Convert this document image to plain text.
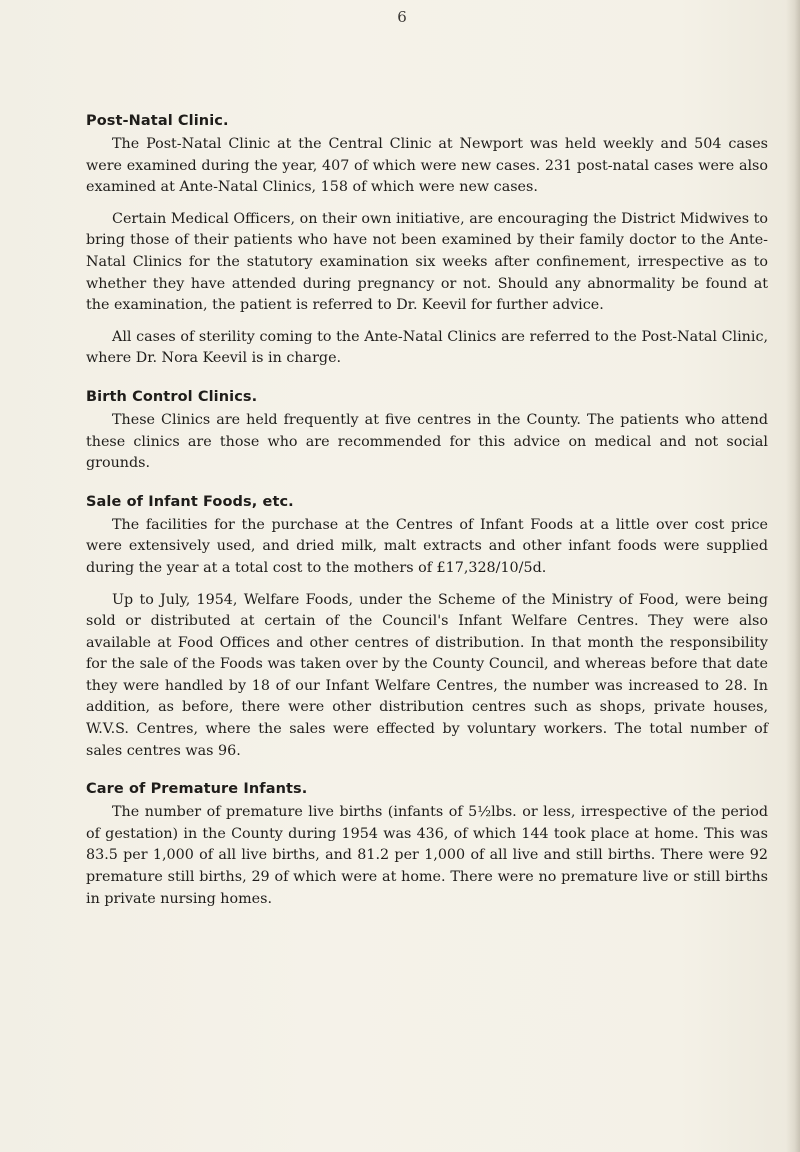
6
Post-Natal Clinic.

The Post-Natal Clinic at the Central Clinic at Newport was held weekly and 504 cases were examined during the year, 407 of which were new cases. 231 post-natal cases were also examined at Ante-Natal Clinics, 158 of which were new cases.

Certain Medical Officers, on their own initiative, are encouraging the District Midwives to bring those of their patients who have not been examined by their family doctor to the Ante-Natal Clinics for the statutory examination six weeks after confinement, irrespective as to whether they have attended during pregnancy or not. Should any abnormality be found at the examination, the patient is referred to Dr. Keevil for further advice.

All cases of sterility coming to the Ante-Natal Clinics are referred to the Post-Natal Clinic, where Dr. Nora Keevil is in charge.

Birth Control Clinics.

These Clinics are held frequently at five centres in the County. The patients who attend these clinics are those who are recommended for this advice on medical and not social grounds.

Sale of Infant Foods, etc.

The facilities for the purchase at the Centres of Infant Foods at a little over cost price were extensively used, and dried milk, malt extracts and other infant foods were supplied during the year at a total cost to the mothers of £17,328/10/5d.

Up to July, 1954, Welfare Foods, under the Scheme of the Ministry of Food, were being sold or distributed at certain of the Council's Infant Welfare Centres. They were also available at Food Offices and other centres of distribution. In that month the responsibility for the sale of the Foods was taken over by the County Council, and whereas before that date they were handled by 18 of our Infant Welfare Centres, the number was increased to 28. In addition, as before, there were other distribution centres such as shops, private houses, W.V.S. Centres, where the sales were effected by voluntary workers. The total number of sales centres was 96.

Care of Premature Infants.

The number of premature live births (infants of 5½lbs. or less, irrespective of the period of gestation) in the County during 1954 was 436, of which 144 took place at home. This was 83.5 per 1,000 of all live births, and 81.2 per 1,000 of all live and still births. There were 92 premature still births, 29 of which were at home. There were no premature live or still births in private nursing homes.
